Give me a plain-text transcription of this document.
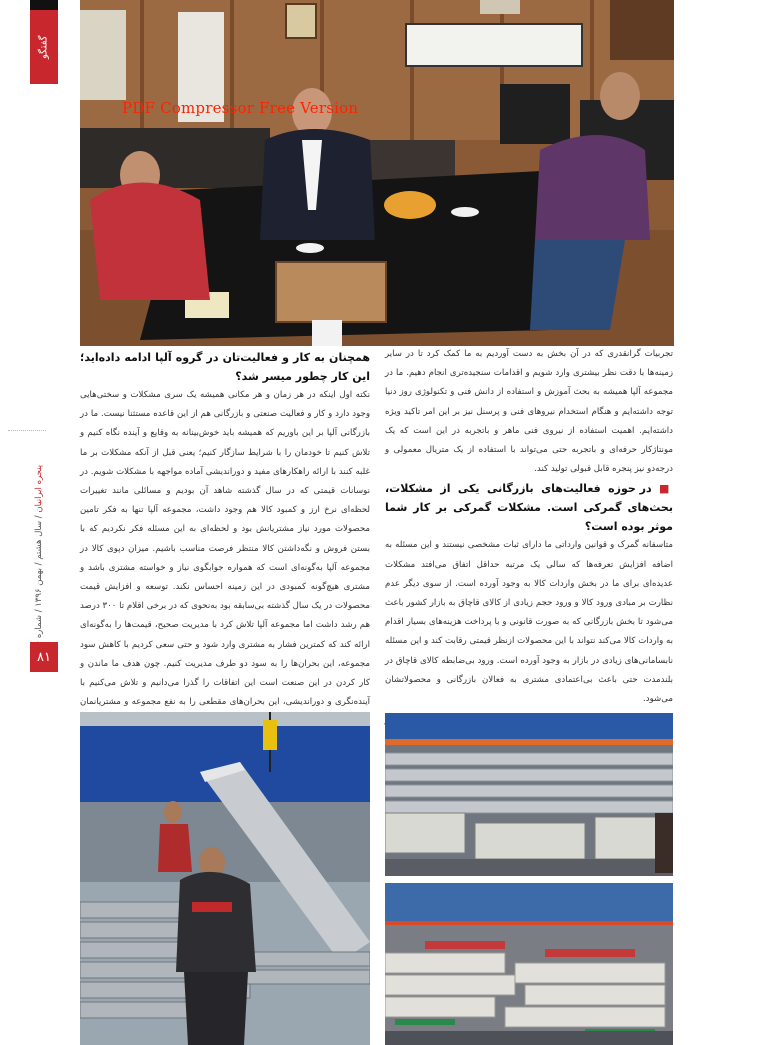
گفتگو
پنجره ایرانیان / سال هشتم / بهمن ۱۳۹۶ / شماره
۸۱
PDF Compressor Free Version

تجربیات گرانقدری که در آن بخش به دست آوردیم به ما کمک کرد تا در سایر زمینه‌ها با دقت نظر بیشتری وارد شویم و اقدامات سنجیده‌تری انجام دهیم. ما در مجموعه آلپا همیشه به بحث آموزش و استفاده از دانش فنی و تکنولوژی روز دنیا توجه داشته‌ایم و هنگام استخدام نیروهای فنی و پرسنل نیز بر این امر تاکید ویژه داشته‌ایم. اهمیت استفاده از نیروی فنی ماهر و باتجربه در این است که یک مونتاژکار حرفه‌ای و باتجربه حتی می‌تواند با استفاده از یک متریال معمولی و درجه‌دو نیز پنجره قابل قبولی تولید کند.

■ در حوزه فعالیت‌های بازرگانی یکی از مشکلات، بحث‌های گمرکی است. مشکلات گمرکی بر کار شما موثر بوده است؟

متاسفانه گمرک و قوانین وارداتی ما دارای ثبات مشخصی نیستند و این مسئله به اضافه افزایش تعرفه‌ها که سالی یک مرتبه حداقل اتفاق می‌افتد مشکلات عدیده‌ای برای ما در بخش واردات کالا به وجود آورده است. از سوی دیگر عدم نظارت بر مبادی ورود کالا و ورود حجم زیادی از کالای قاچاق به بازار کشور باعث می‌شود تا بخش بازرگانی که به صورت قانونی و با پرداخت هزینه‌های بسیار اقدام به واردات کالا می‌کند نتواند با این محصولات ازنظر قیمتی رقابت کند و این مسئله نابسامانی‌های زیادی در بازار به وجود آورده است. ورود بی‌ضابطه کالای قاچاق در بلندمدت حتی باعث بی‌اعتمادی مشتری به فعالان بازرگانی و محصولاتشان می‌شود.

همچنان به کار و فعالیت‌تان در گروه آلپا ادامه داده‌اید؛ این کار چطور میسر شد؟

نکته اول اینکه در هر زمان و هر مکانی همیشه یک سری مشکلات و سختی‌هایی وجود دارد و کار و فعالیت صنعتی و بازرگانی هم از این قاعده مستثنا نیست. ما در بازرگانی آلپا بر این باوریم که همیشه باید خوش‌بینانه به وقایع و آینده نگاه کنیم و تلاش کنیم تا خودمان را با شرایط سازگار کنیم؛ یعنی قبل از آنکه مشکلات بر ما غلبه کنند با ارائه راهکارهای مفید و دوراندیشی آماده مواجهه با مشکلات شویم. در نوسانات قیمتی که در سال گذشته شاهد آن بودیم و مسائلی مانند تغییرات لحظه‌ای نرخ ارز و کمبود کالا هم وجود داشت، مجموعه آلپا تنها به فکر تامین محصولات مورد نیاز مشتریانش بود و لحظه‌ای به این مسئله فکر نکردیم که با بستن فروش و نگه‌داشتن کالا منتظر فرصت مناسب باشیم. میزان دپوی کالا در مجموعه آلپا به‌گونه‌ای است که همواره جوابگوی نیاز و خواسته مشتری باشد و مشتری هیچ‌گونه کمبودی در این زمینه احساس نکند. توسعه و افزایش قیمت محصولات در یک سال گذشته بی‌سابقه بود به‌نحوی که در برخی اقلام تا ۳۰۰ درصد هم رشد داشت اما مجموعه آلپا تلاش کرد با مدیریت صحیح، قیمت‌ها را به‌گونه‌ای ارائه کند که کمترین فشار به مشتری وارد شود و حتی سعی کردیم با کاهش سود مجموعه، این بحران‌ها را به سود دو طرف مدیریت کنیم. چون هدف ما ماندن و کار کردن در این صنعت است این اتفاقات را گذرا می‌دانیم و تلاش می‌کنیم با آینده‌نگری و دوراندیشی، این بحران‌های مقطعی را به نفع مجموعه و مشتریانمان
